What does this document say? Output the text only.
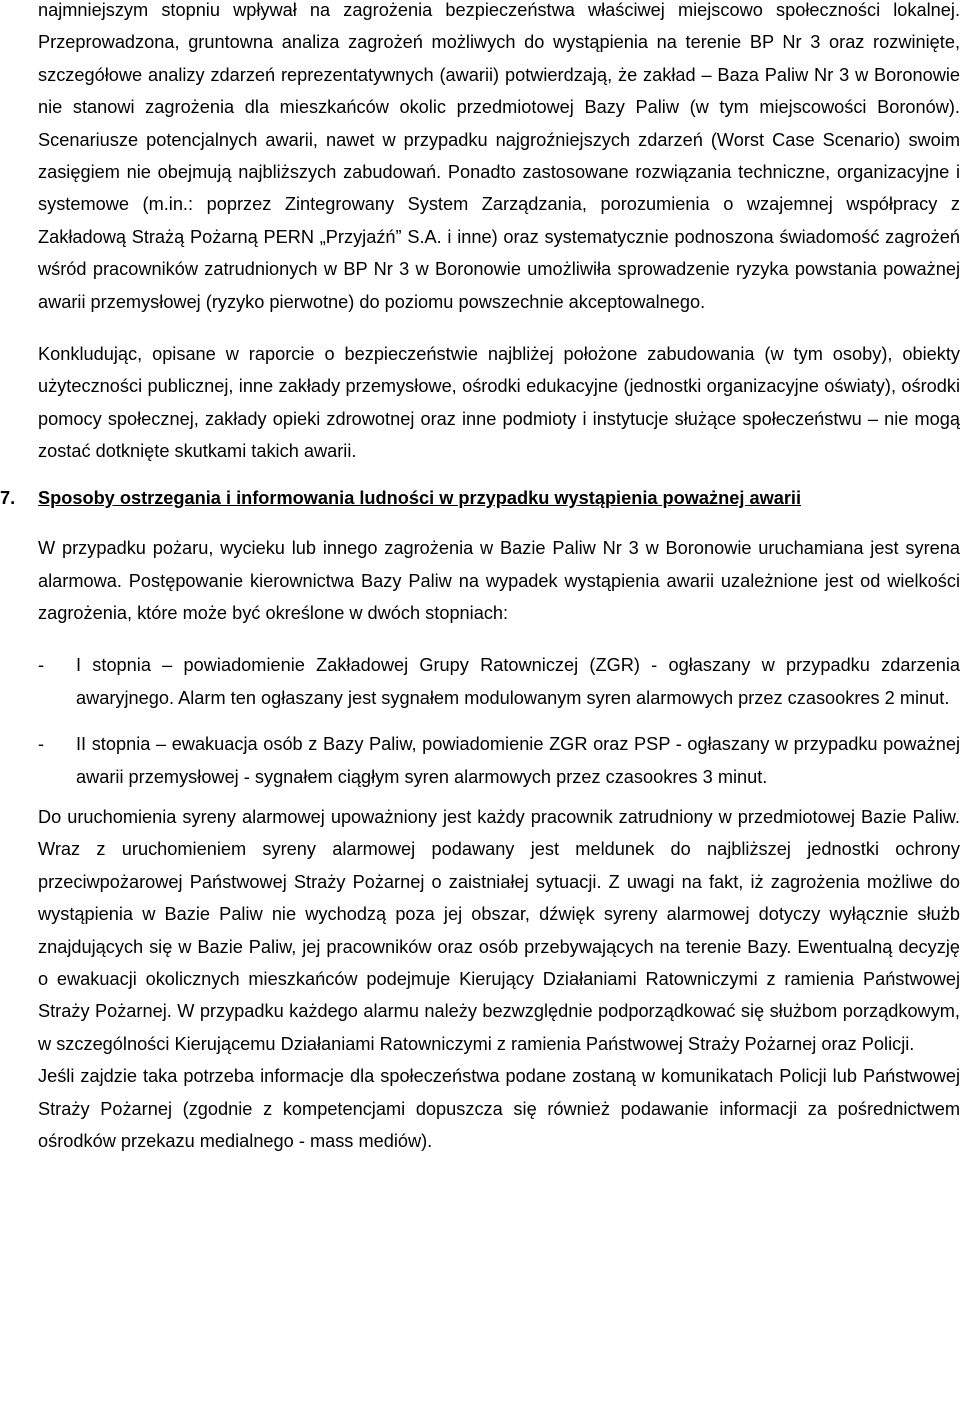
najmniejszym stopniu wpływał na zagrożenia bezpieczeństwa właściwej miejscowo społeczności lokalnej. Przeprowadzona, gruntowna analiza zagrożeń możliwych do wystąpienia na terenie BP Nr 3 oraz rozwinięte, szczegółowe analizy zdarzeń reprezentatywnych (awarii) potwierdzają, że zakład – Baza Paliw Nr 3 w Boronowie nie stanowi zagrożenia dla mieszkańców okolic przedmiotowej Bazy Paliw (w tym miejscowości Boronów). Scenariusze potencjalnych awarii, nawet w przypadku najgroźniejszych zdarzeń (Worst Case Scenario) swoim zasięgiem nie obejmują najbliższych zabudowań. Ponadto zastosowane rozwiązania techniczne, organizacyjne i systemowe (m.in.: poprzez Zintegrowany System Zarządzania, porozumienia o wzajemnej współpracy z Zakładową Strażą Pożarną PERN „Przyjaźń” S.A. i inne) oraz systematycznie podnoszona świadomość zagrożeń wśród pracowników zatrudnionych w BP Nr 3 w Boronowie umożliwiła sprowadzenie ryzyka powstania poważnej awarii przemysłowej (ryzyko pierwotne) do poziomu powszechnie akceptowalnego.

Konkludując, opisane w raporcie o bezpieczeństwie najbliżej położone zabudowania (w tym osoby), obiekty użyteczności publicznej, inne zakłady przemysłowe, ośrodki edukacyjne (jednostki organizacyjne oświaty), ośrodki pomocy społecznej, zakłady opieki zdrowotnej oraz inne podmioty i instytucje służące społeczeństwu – nie mogą zostać dotknięte skutkami takich awarii.

7. Sposoby ostrzegania i informowania ludności w przypadku wystąpienia poważnej awarii

W przypadku pożaru, wycieku lub innego zagrożenia w Bazie Paliw Nr 3 w Boronowie uruchamiana jest syrena alarmowa. Postępowanie kierownictwa Bazy Paliw na wypadek wystąpienia awarii uzależnione jest od wielkości zagrożenia, które może być określone w dwóch stopniach:

- I stopnia – powiadomienie Zakładowej Grupy Ratowniczej (ZGR) - ogłaszany w przypadku zdarzenia awaryjnego. Alarm ten ogłaszany jest sygnałem modulowanym syren alarmowych przez czasookres 2 minut.

- II stopnia – ewakuacja osób z Bazy Paliw, powiadomienie ZGR oraz PSP - ogłaszany w przypadku poważnej awarii przemysłowej - sygnałem ciągłym syren alarmowych przez czasookres 3 minut.

Do uruchomienia syreny alarmowej upoważniony jest każdy pracownik zatrudniony w przedmiotowej Bazie Paliw. Wraz z uruchomieniem syreny alarmowej podawany jest meldunek do najbliższej jednostki ochrony przeciwpożarowej Państwowej Straży Pożarnej o zaistniałej sytuacji. Z uwagi na fakt, iż zagrożenia możliwe do wystąpienia w Bazie Paliw nie wychodzą poza jej obszar, dźwięk syreny alarmowej dotyczy wyłącznie służb znajdujących się w Bazie Paliw, jej pracowników oraz osób przebywających na terenie Bazy. Ewentualną decyzję o ewakuacji okolicznych mieszkańców podejmuje Kierujący Działaniami Ratowniczymi z ramienia Państwowej Straży Pożarnej. W przypadku każdego alarmu należy bezwzględnie podporządkować się służbom porządkowym, w szczególności Kierującemu Działaniami Ratowniczymi z ramienia Państwowej Straży Pożarnej oraz Policji.

Jeśli zajdzie taka potrzeba informacje dla społeczeństwa podane zostaną w komunikatach Policji lub Państwowej Straży Pożarnej (zgodnie z kompetencjami dopuszcza się również podawanie informacji za pośrednictwem ośrodków przekazu medialnego - mass mediów).
